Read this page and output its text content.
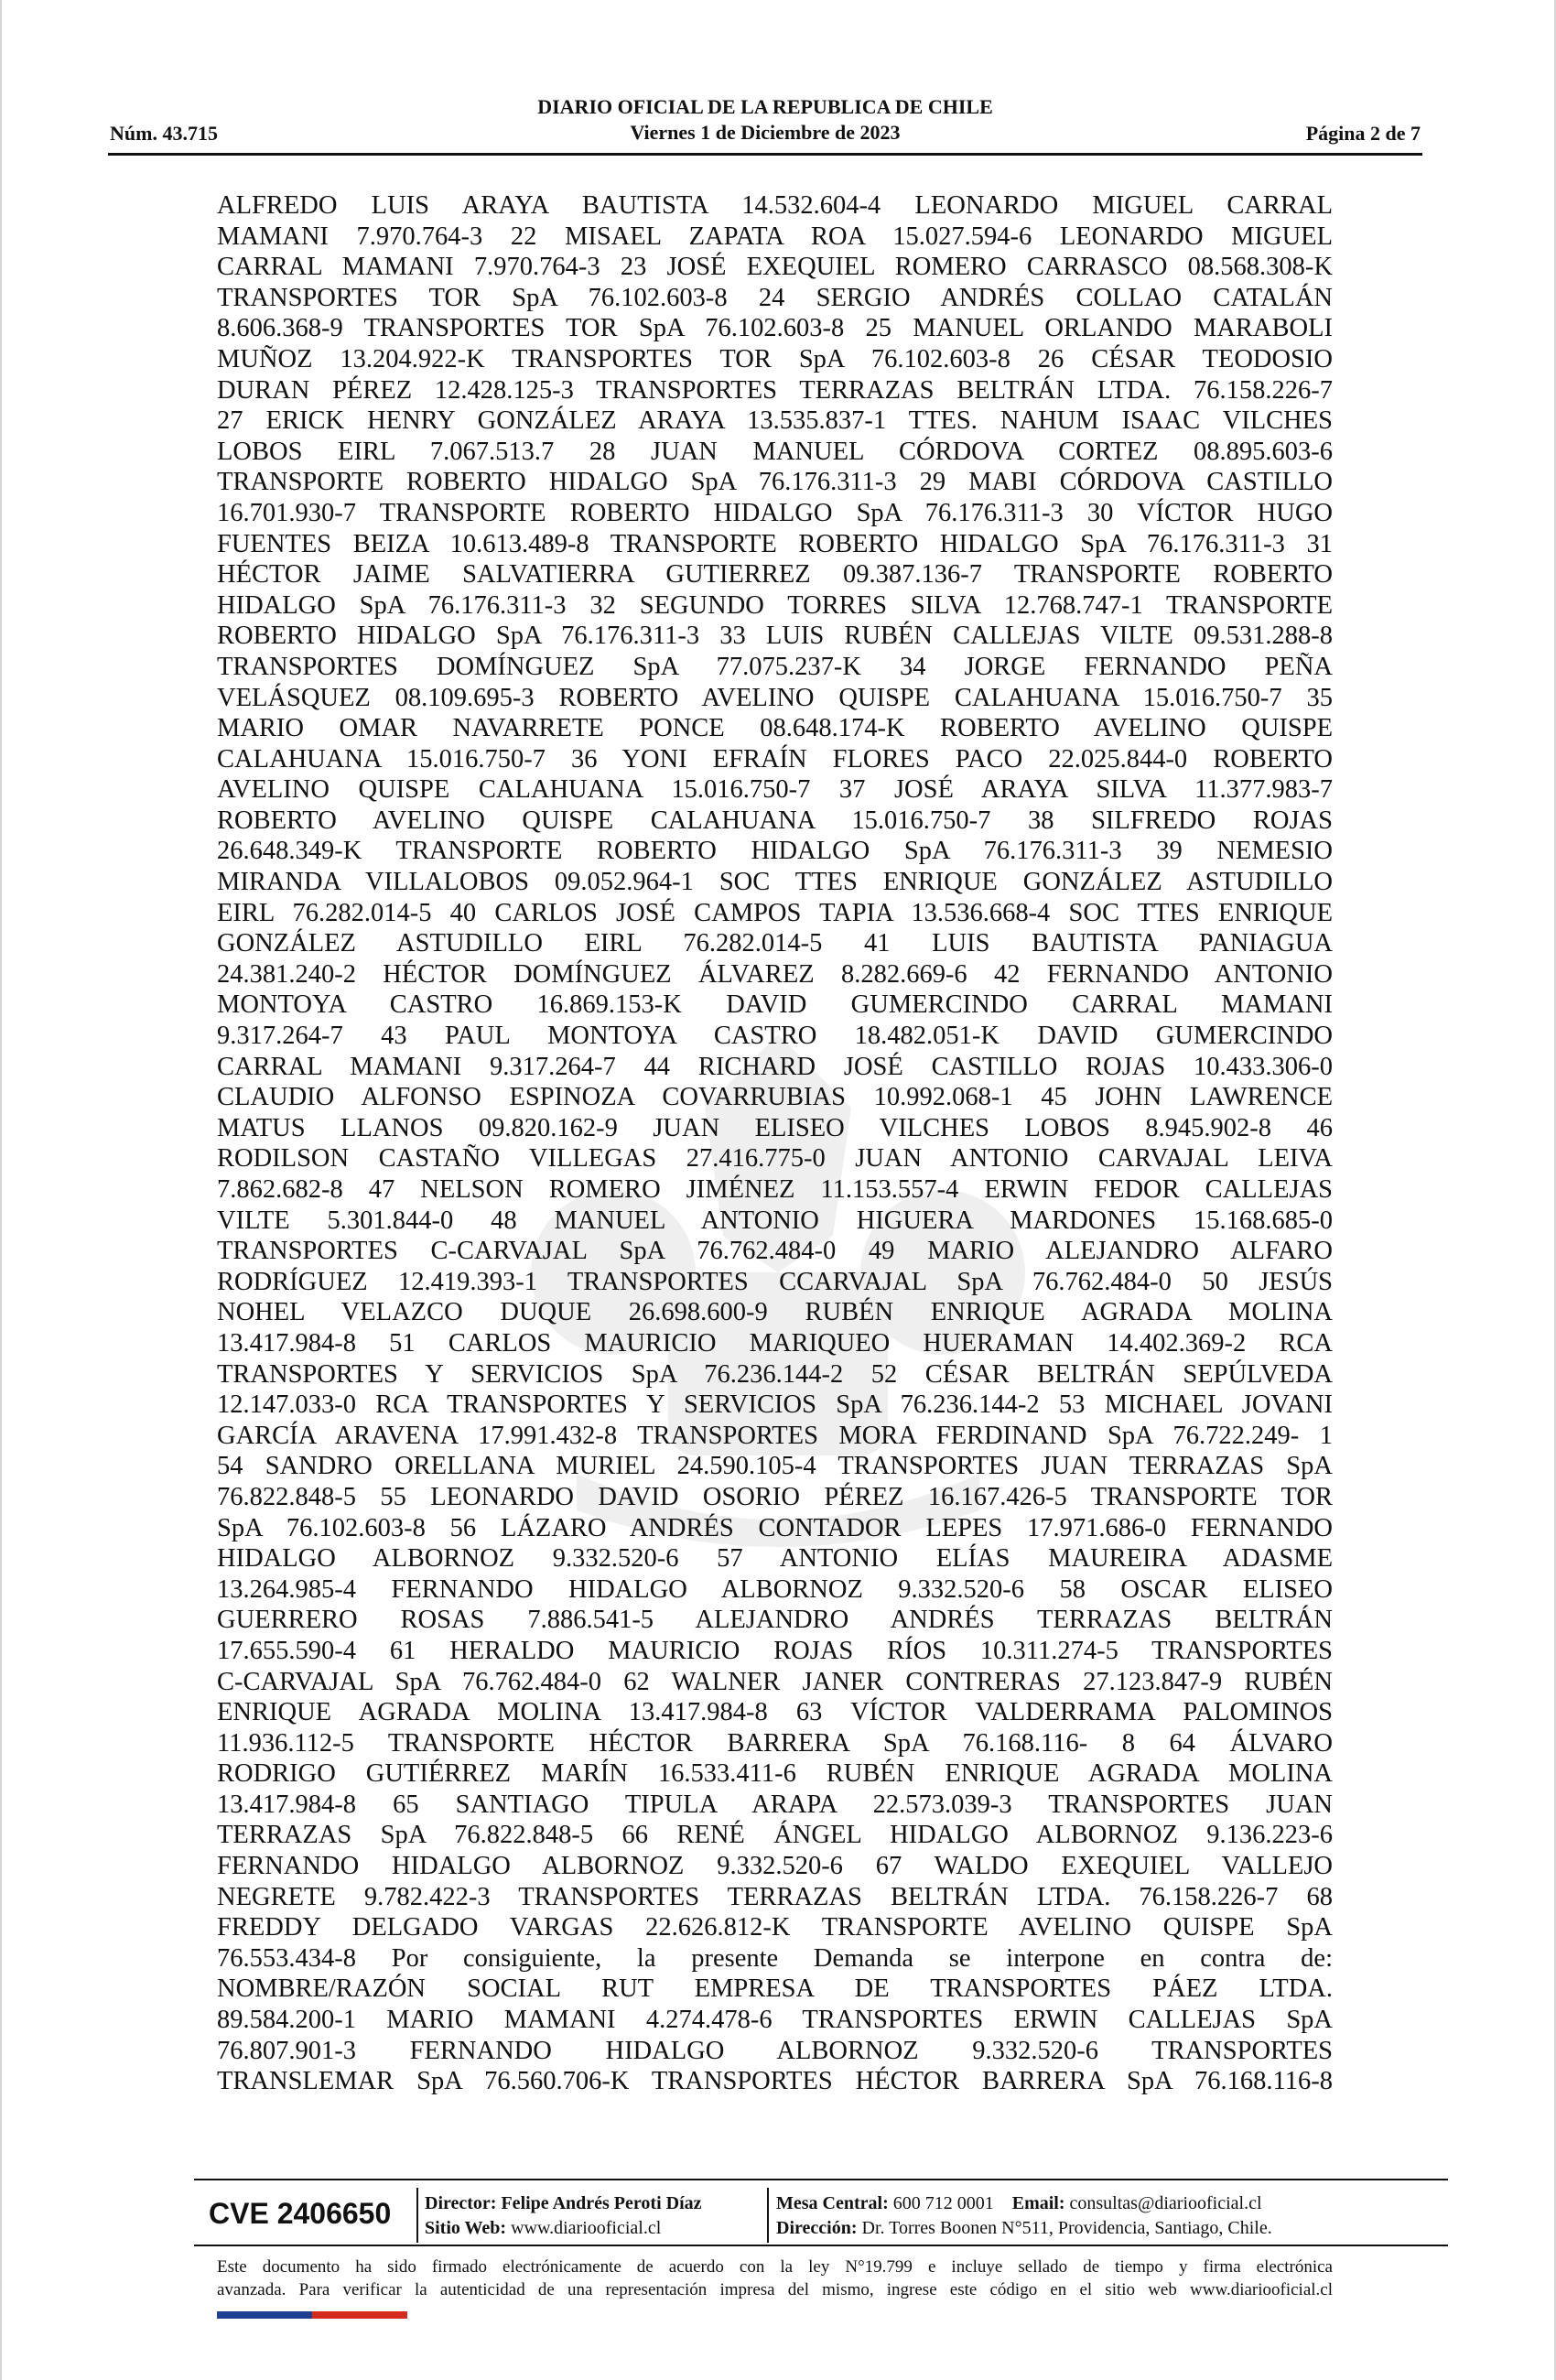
Núm. 43.715
DIARIO OFICIAL DE LA REPUBLICA DE CHILE
Viernes 1 de Diciembre de 2023	Página 2 de 7
ALFREDO LUIS ARAYA BAUTISTA 14.532.604-4 LEONARDO MIGUEL CARRAL
MAMANI 7.970.764-3 22 MISAEL ZAPATA ROA 15.027.594-6 LEONARDO MIGUEL
CARRAL MAMANI 7.970.764-3 23 JOSÉ EXEQUIEL ROMERO CARRASCO 08.568.308-K
TRANSPORTES TOR SpA 76.102.603-8 24 SERGIO ANDRÉS COLLAO CATALÁN
8.606.368-9 TRANSPORTES TOR SpA 76.102.603-8 25 MANUEL ORLANDO MARABOLI
MUÑOZ 13.204.922-K TRANSPORTES TOR SpA 76.102.603-8 26 CÉSAR TEODOSIO
DURAN PÉREZ 12.428.125-3 TRANSPORTES TERRAZAS BELTRÁN LTDA. 76.158.226-7
27 ERICK HENRY GONZÁLEZ ARAYA 13.535.837-1 TTES. NAHUM ISAAC VILCHES
LOBOS EIRL 7.067.513.7 28 JUAN MANUEL CÓRDOVA CORTEZ 08.895.603-6
TRANSPORTE ROBERTO HIDALGO SpA 76.176.311-3 29 MABI CÓRDOVA CASTILLO
16.701.930-7 TRANSPORTE ROBERTO HIDALGO SpA 76.176.311-3 30 VÍCTOR HUGO
FUENTES BEIZA 10.613.489-8 TRANSPORTE ROBERTO HIDALGO SpA 76.176.311-3 31
HÉCTOR JAIME SALVATIERRA GUTIERREZ 09.387.136-7 TRANSPORTE ROBERTO
HIDALGO SpA 76.176.311-3 32 SEGUNDO TORRES SILVA 12.768.747-1 TRANSPORTE
ROBERTO HIDALGO SpA 76.176.311-3 33 LUIS RUBÉN CALLEJAS VILTE 09.531.288-8
TRANSPORTES DOMÍNGUEZ SpA 77.075.237-K 34 JORGE FERNANDO PEÑA
VELÁSQUEZ 08.109.695-3 ROBERTO AVELINO QUISPE CALAHUANA 15.016.750-7 35
MARIO OMAR NAVARRETE PONCE 08.648.174-K ROBERTO AVELINO QUISPE
CALAHUANA 15.016.750-7 36 YONI EFRAÍN FLORES PACO 22.025.844-0 ROBERTO
AVELINO QUISPE CALAHUANA 15.016.750-7 37 JOSÉ ARAYA SILVA 11.377.983-7
ROBERTO AVELINO QUISPE CALAHUANA 15.016.750-7 38 SILFREDO ROJAS
26.648.349-K TRANSPORTE ROBERTO HIDALGO SpA 76.176.311-3 39 NEMESIO
MIRANDA VILLALOBOS 09.052.964-1 SOC TTES ENRIQUE GONZÁLEZ ASTUDILLO
EIRL 76.282.014-5 40 CARLOS JOSÉ CAMPOS TAPIA 13.536.668-4 SOC TTES ENRIQUE
GONZÁLEZ ASTUDILLO EIRL 76.282.014-5 41 LUIS BAUTISTA PANIAGUA
24.381.240-2 HÉCTOR DOMÍNGUEZ ÁLVAREZ 8.282.669-6 42 FERNANDO ANTONIO
MONTOYA CASTRO 16.869.153-K DAVID GUMERCINDO CARRAL MAMANI
9.317.264-7 43 PAUL MONTOYA CASTRO 18.482.051-K DAVID GUMERCINDO
CARRAL MAMANI 9.317.264-7 44 RICHARD JOSÉ CASTILLO ROJAS 10.433.306-0
CLAUDIO ALFONSO ESPINOZA COVARRUBIAS 10.992.068-1 45 JOHN LAWRENCE
MATUS LLANOS 09.820.162-9 JUAN ELISEO VILCHES LOBOS 8.945.902-8 46
RODILSON CASTAÑO VILLEGAS 27.416.775-0 JUAN ANTONIO CARVAJAL LEIVA
7.862.682-8 47 NELSON ROMERO JIMÉNEZ 11.153.557-4 ERWIN FEDOR CALLEJAS
VILTE 5.301.844-0 48 MANUEL ANTONIO HIGUERA MARDONES 15.168.685-0
TRANSPORTES C-CARVAJAL SpA 76.762.484-0 49 MARIO ALEJANDRO ALFARO
RODRÍGUEZ 12.419.393-1 TRANSPORTES CCARVAJAL SpA 76.762.484-0 50 JESÚS
NOHEL VELAZCO DUQUE 26.698.600-9 RUBÉN ENRIQUE AGRADA MOLINA
13.417.984-8 51 CARLOS MAURICIO MARIQUEO HUERAMAN 14.402.369-2 RCA
TRANSPORTES Y SERVICIOS SpA 76.236.144-2 52 CÉSAR BELTRÁN SEPÚLVEDA
12.147.033-0 RCA TRANSPORTES Y SERVICIOS SpA 76.236.144-2 53 MICHAEL JOVANI
GARCÍA ARAVENA 17.991.432-8 TRANSPORTES MORA FERDINAND SpA 76.722.249- 1
54 SANDRO ORELLANA MURIEL 24.590.105-4 TRANSPORTES JUAN TERRAZAS SpA
76.822.848-5 55 LEONARDO DAVID OSORIO PÉREZ 16.167.426-5 TRANSPORTE TOR
SpA 76.102.603-8 56 LÁZARO ANDRÉS CONTADOR LEPES 17.971.686-0 FERNANDO
HIDALGO ALBORNOZ 9.332.520-6 57 ANTONIO ELÍAS MAUREIRA ADASME
13.264.985-4 FERNANDO HIDALGO ALBORNOZ 9.332.520-6 58 OSCAR ELISEO
GUERRERO ROSAS 7.886.541-5 ALEJANDRO ANDRÉS TERRAZAS BELTRÁN
17.655.590-4 61 HERALDO MAURICIO ROJAS RÍOS 10.311.274-5 TRANSPORTES
C-CARVAJAL SpA 76.762.484-0 62 WALNER JANER CONTRERAS 27.123.847-9 RUBÉN
ENRIQUE AGRADA MOLINA 13.417.984-8 63 VÍCTOR VALDERRAMA PALOMINOS
11.936.112-5 TRANSPORTE HÉCTOR BARRERA SpA 76.168.116- 8 64 ÁLVARO
RODRIGO GUTIÉRREZ MARÍN 16.533.411-6 RUBÉN ENRIQUE AGRADA MOLINA
13.417.984-8 65 SANTIAGO TIPULA ARAPA 22.573.039-3 TRANSPORTES JUAN
TERRAZAS SpA 76.822.848-5 66 RENÉ ÁNGEL HIDALGO ALBORNOZ 9.136.223-6
FERNANDO HIDALGO ALBORNOZ 9.332.520-6 67 WALDO EXEQUIEL VALLEJO
NEGRETE 9.782.422-3 TRANSPORTES TERRAZAS BELTRÁN LTDA. 76.158.226-7 68
FREDDY DELGADO VARGAS 22.626.812-K TRANSPORTE AVELINO QUISPE SpA
76.553.434-8 Por consiguiente, la presente Demanda se interpone en contra de:
NOMBRE/RAZÓN SOCIAL RUT EMPRESA DE TRANSPORTES PÁEZ LTDA.
89.584.200-1 MARIO MAMANI 4.274.478-6 TRANSPORTES ERWIN CALLEJAS SpA
76.807.901-3 FERNANDO HIDALGO ALBORNOZ 9.332.520-6 TRANSPORTES
TRANSLEMAR SpA 76.560.706-K TRANSPORTES HÉCTOR BARRERA SpA 76.168.116-8
CVE 2406650	Director: Felipe Andrés Peroti Díaz
Sitio Web: www.diariooficial.cl
Mesa Central: 600 712 0001 Email: consultas@diariooficial.cl
Dirección: Dr. Torres Boonen N°511, Providencia, Santiago, Chile.
Este documento ha sido firmado electrónicamente de acuerdo con la ley N°19.799 e incluye sellado de tiempo y firma electrónica
avanzada. Para verificar la autenticidad de una representación impresa del mismo, ingrese este código en el sitio web www.diariooficial.cl
